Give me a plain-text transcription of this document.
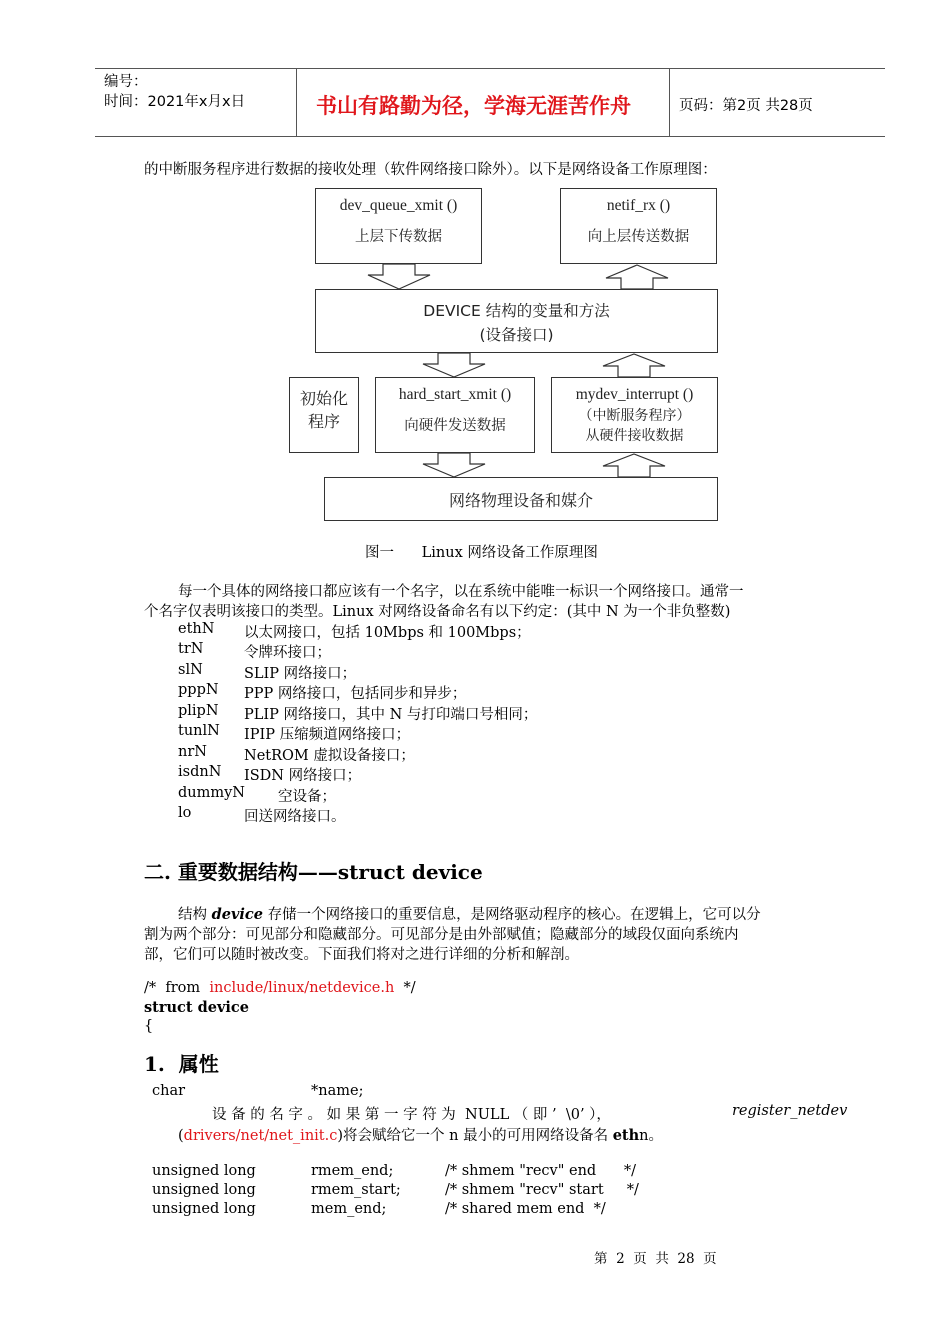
编号：
时间：2021年x月x日	书山有路勤为径，学海无涯苦作舟	页码：第2页 共28页
的中断服务程序进行数据的接收处理（软件网络接口除外）。以下是网络设备工作原理图：
dev_queue_xmit ()
上层下传数据
netif_rx ()
向上层传送数据
DEVICE 结构的变量和方法
(设备接口)
初始化
程序
hard_start_xmit ()
向硬件发送数据
mydev_interrupt ()
（中断服务程序）
从硬件接收数据
网络物理设备和媒介
图一      Linux 网络设备工作原理图
每一个具体的网络接口都应该有一个名字，以在系统中能唯一标识一个网络接口。通常一
个名字仅表明该接口的类型。Linux 对网络设备命名有以下约定：(其中 N 为一个非负整数)
ethN 以太网接口，包括 10Mbps 和 100Mbps；
trN	令牌环接口；
slN	SLIP 网络接口；
pppN PPP 网络接口，包括同步和异步；
plipN PLIP 网络接口，其中 N 与打印端口号相同；
tunlN IPIP 压缩频道网络接口；
nrN	NetROM 虚拟设备接口；
isdnN ISDN 网络接口；
dummyN 空设备；
lo	回送网络接口。
二. 重要数据结构——struct device
结构 device 存储一个网络接口的重要信息，是网络驱动程序的核心。在逻辑上，它可以分
割为两个部分：可见部分和隐藏部分。可见部分是由外部赋值；隐藏部分的域段仅面向系统内
部，它们可以随时被改变。下面我们将对之进行详细的分析和解剖。
/*  from  include/linux/netdevice.h  */
struct device
{
1.  属性
char	*name;
设 备 的 名 字 。 如 果 第 一 字 符 为  NULL （ 即 ’  \0’ ），	register_netdev
(drivers/net/net_init.c)将会赋给它一个 n 最小的可用网络设备名 ethn。
unsigned long	rmem_end;	/* shmem "recv" end      */
unsigned long	rmem_start;	/* shmem "recv" start     */
unsigned long	mem_end;	/* shared mem end  */
第  2  页  共  28  页
